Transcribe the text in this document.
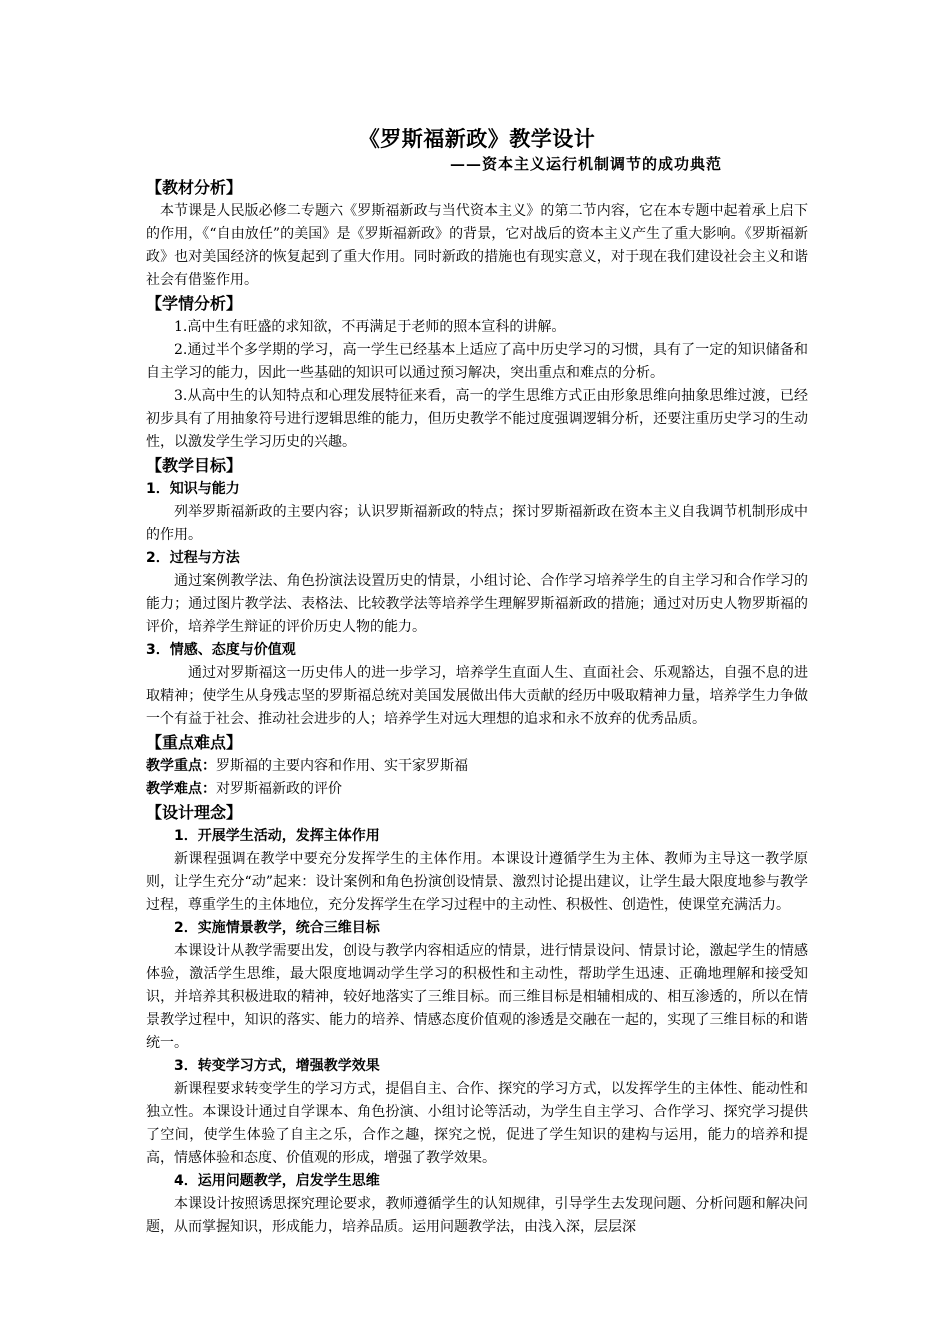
《罗斯福新政》教学设计
——资本主义运行机制调节的成功典范
【教材分析】

本节课是人民版必修二专题六《罗斯福新政与当代资本主义》的第二节内容，它在本专题中起着承上启下的作用，《“自由放任”的美国》是《罗斯福新政》的背景，它对战后的资本主义产生了重大影响。《罗斯福新政》也对美国经济的恢复起到了重大作用。同时新政的措施也有现实意义，对于现在我们建设社会主义和谐社会有借鉴作用。

【学情分析】

1.高中生有旺盛的求知欲，不再满足于老师的照本宣科的讲解。

2.通过半个多学期的学习，高一学生已经基本上适应了高中历史学习的习惯，具有了一定的知识储备和自主学习的能力，因此一些基础的知识可以通过预习解决，突出重点和难点的分析。

3.从高中生的认知特点和心理发展特征来看，高一的学生思维方式正由形象思维向抽象思维过渡，已经初步具有了用抽象符号进行逻辑思维的能力，但历史教学不能过度强调逻辑分析，还要注重历史学习的生动性，以激发学生学习历史的兴趣。

【教学目标】
1．知识与能力

列举罗斯福新政的主要内容；认识罗斯福新政的特点；探讨罗斯福新政在资本主义自我调节机制形成中的作用。

2．过程与方法

通过案例教学法、角色扮演法设置历史的情景，小组讨论、合作学习培养学生的自主学习和合作学习的能力；通过图片教学法、表格法、比较教学法等培养学生理解罗斯福新政的措施；通过对历史人物罗斯福的评价，培养学生辩证的评价历史人物的能力。

3．情感、态度与价值观

通过对罗斯福这一历史伟人的进一步学习，培养学生直面人生、直面社会、乐观豁达，自强不息的进取精神；使学生从身残志坚的罗斯福总统对美国发展做出伟大贡献的经历中吸取精神力量，培养学生力争做一个有益于社会、推动社会进步的人；培养学生对远大理想的追求和永不放弃的优秀品质。

【重点难点】
教学重点：罗斯福的主要内容和作用、实干家罗斯福
教学难点：对罗斯福新政的评价
【设计理念】
1．开展学生活动，发挥主体作用

新课程强调在教学中要充分发挥学生的主体作用。本课设计遵循学生为主体、教师为主导这一教学原则，让学生充分“动”起来：设计案例和角色扮演创设情景、激烈讨论提出建议，让学生最大限度地参与教学过程，尊重学生的主体地位，充分发挥学生在学习过程中的主动性、积极性、创造性，使课堂充满活力。

2．实施情景教学，统合三维目标

本课设计从教学需要出发，创设与教学内容相适应的情景，进行情景设问、情景讨论，激起学生的情感体验，激活学生思维，最大限度地调动学生学习的积极性和主动性，帮助学生迅速、正确地理解和接受知识，并培养其积极进取的精神，较好地落实了三维目标。而三维目标是相辅相成的、相互渗透的，所以在情景教学过程中，知识的落实、能力的培养、情感态度价值观的渗透是交融在一起的，实现了三维目标的和谐统一。

3．转变学习方式，增强教学效果

新课程要求转变学生的学习方式，提倡自主、合作、探究的学习方式，以发挥学生的主体性、能动性和独立性。本课设计通过自学课本、角色扮演、小组讨论等活动，为学生自主学习、合作学习、探究学习提供了空间，使学生体验了自主之乐，合作之趣，探究之悦，促进了学生知识的建构与运用，能力的培养和提高，情感体验和态度、价值观的形成，增强了教学效果。

4．运用问题教学，启发学生思维

本课设计按照诱思探究理论要求，教师遵循学生的认知规律，引导学生去发现问题、分析问题和解决问题，从而掌握知识，形成能力，培养品质。运用问题教学法，由浅入深，层层深
